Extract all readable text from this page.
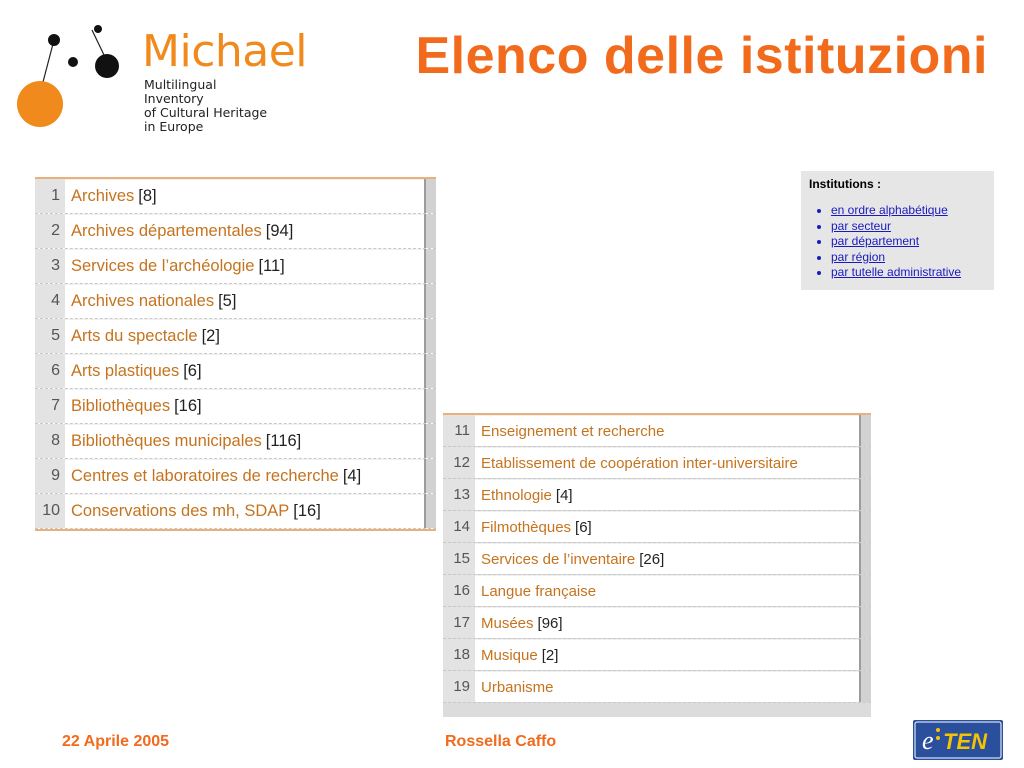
Michael
Multilingual
Inventory
of Cultural Heritage
in Europe
Elenco delle istituzioni
1 Archives [8]
2 Archives départementales [94]
3 Services de l’archéologie [11]
4 Archives nationales [5]
5 Arts du spectacle [2]
6 Arts plastiques [6]
7 Bibliothèques [16]
8 Bibliothèques municipales [116]
9 Centres et laboratoires de recherche [4]
10 Conservations des mh, SDAP [16]
11 Enseignement et recherche
12 Etablissement de coopération inter-universitaire
13 Ethnologie [4]
14 Filmothèques [6]
15 Services de l’inventaire [26]
16 Langue française
17 Musées [96]
18 Musique [2]
19 Urbanisme
Institutions :
• en ordre alphabétique
• par secteur
• par département
• par région
• par tutelle administrative
22 Aprile 2005	Rossella Caffo	e TEN
